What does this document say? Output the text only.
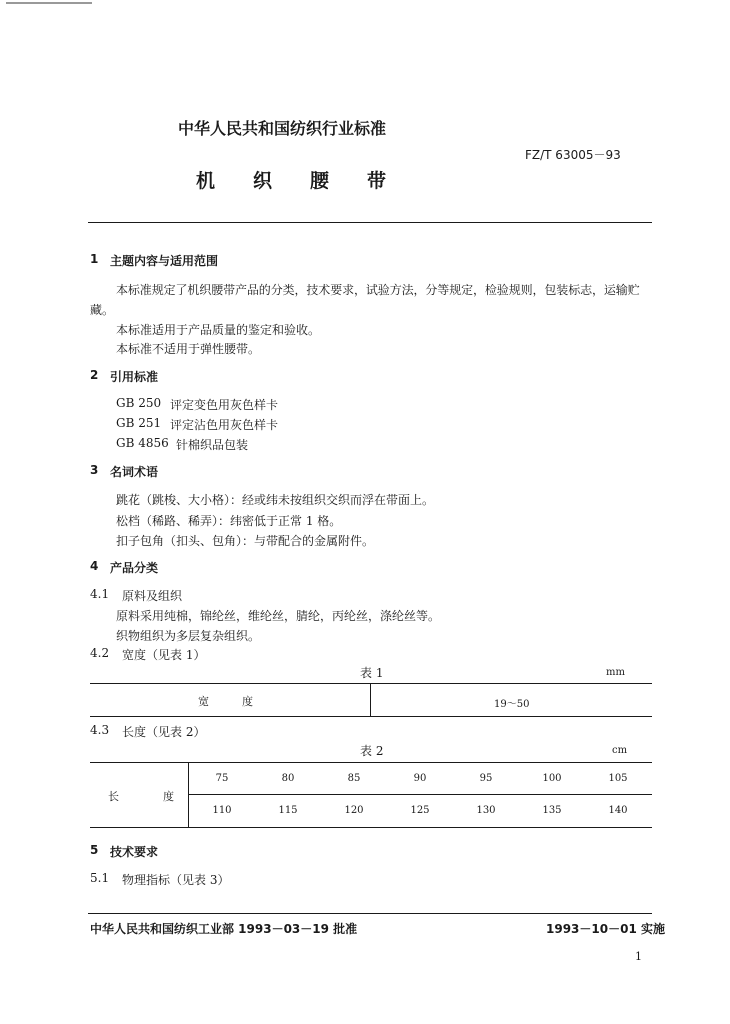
中华人民共和国纺织行业标准
FZ/T 63005－93
机　　织　　腰　　带
1 主题内容与适用范围
本标准规定了机织腰带产品的分类，技术要求，试验方法，分等规定，检验规则，包装标志，运输贮
藏。
本标准适用于产品质量的鉴定和验收。
本标准不适用于弹性腰带。
2 引用标准
GB 250 评定变色用灰色样卡
GB 251 评定沾色用灰色样卡
GB 4856 针棉织品包装
3 名词术语
跳花（跳梭、大小格）：经或纬未按组织交织而浮在带面上。
松档（稀路、稀弄）：纬密低于正常 1 格。
扣子包角（扣头、包角）：与带配合的金属附件。
4 产品分类
4.1 原料及组织
原料采用纯棉，锦纶丝，维纶丝，腈纶，丙纶丝，涤纶丝等。
织物组织为多层复杂组织。
4.2 宽度（见表 1）
表 1	mm
宽　　　度	19～50
4.3 长度（见表 2）
表 2	cm
长　　　　度
75	80	85	90	95	100	105
110	115	120	125	130	135	140
5 技术要求
5.1 物理指标（见表 3）
中华人民共和国纺织工业部 1993－03－19 批准	1993－10－01 实施
1
